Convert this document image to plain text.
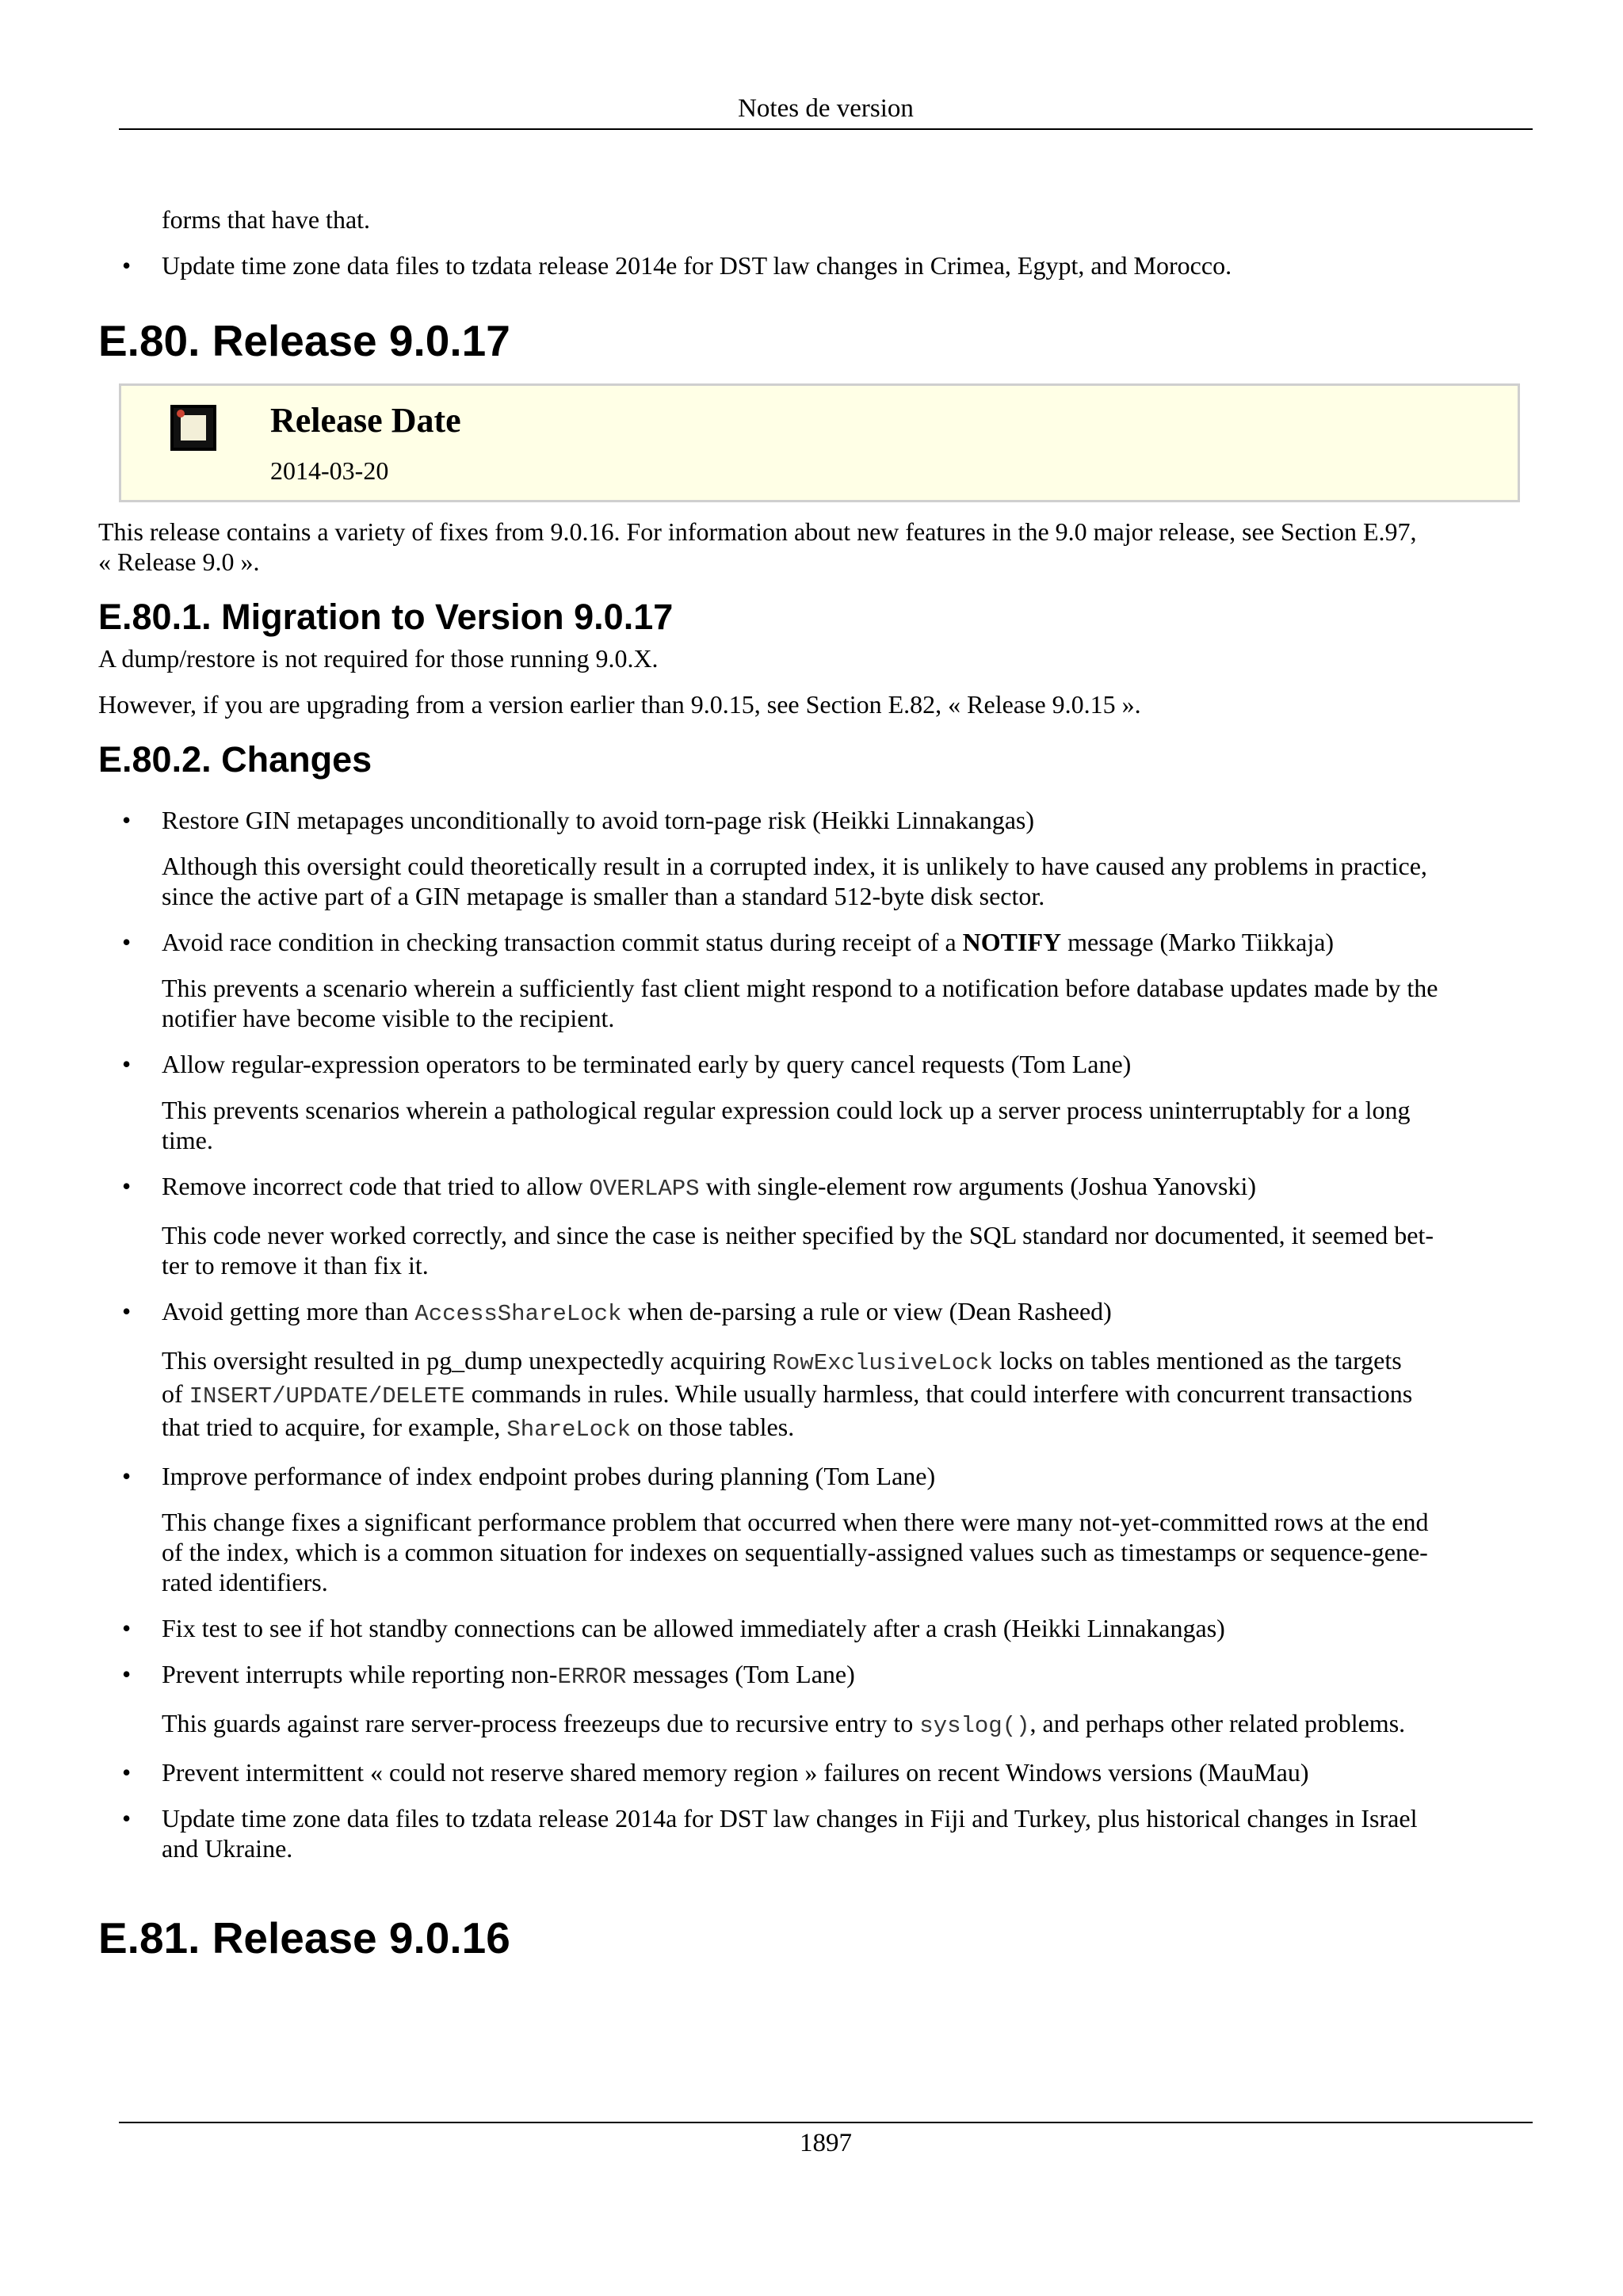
Notes de version

forms that have that.

• Update time zone data files to tzdata release 2014e for DST law changes in Crimea, Egypt, and Morocco.

E.80. Release 9.0.17
Release Date
2014-03-20

This release contains a variety of fixes from 9.0.16. For information about new features in the 9.0 major release, see Section E.97,

« Release 9.0 ».

E.80.1. Migration to Version 9.0.17

A dump/restore is not required for those running 9.0.X.

However, if you are upgrading from a version earlier than 9.0.15, see Section E.82, « Release 9.0.15 ».

E.80.2. Changes
• Restore GIN metapages unconditionally to avoid torn-page risk (Heikki Linnakangas)

Although this oversight could theoretically result in a corrupted index, it is unlikely to have caused any problems in practice,

since the active part of a GIN metapage is smaller than a standard 512-byte disk sector.

• Avoid race condition in checking transaction commit status during receipt of a NOTIFY message (Marko Tiikkaja)

This prevents a scenario wherein a sufficiently fast client might respond to a notification before database updates made by the

notifier have become visible to the recipient.

• Allow regular-expression operators to be terminated early by query cancel requests (Tom Lane)

This prevents scenarios wherein a pathological regular expression could lock up a server process uninterruptably for a long

time.

• Remove incorrect code that tried to allow OVERLAPS with single-element row arguments (Joshua Yanovski)

This code never worked correctly, and since the case is neither specified by the SQL standard nor documented, it seemed bet-

ter to remove it than fix it.

• Avoid getting more than AccessShareLock when de-parsing a rule or view (Dean Rasheed)

This oversight resulted in pg_dump unexpectedly acquiring RowExclusiveLock locks on tables mentioned as the targets

of INSERT/UPDATE/DELETE commands in rules. While usually harmless, that could interfere with concurrent transactions

that tried to acquire, for example, ShareLock on those tables.

• Improve performance of index endpoint probes during planning (Tom Lane)

This change fixes a significant performance problem that occurred when there were many not-yet-committed rows at the end

of the index, which is a common situation for indexes on sequentially-assigned values such as timestamps or sequence-gene-

rated identifiers.

• Fix test to see if hot standby connections can be allowed immediately after a crash (Heikki Linnakangas)

• Prevent interrupts while reporting non-ERROR messages (Tom Lane)

This guards against rare server-process freezeups due to recursive entry to syslog(), and perhaps other related problems.

• Prevent intermittent « could not reserve shared memory region » failures on recent Windows versions (MauMau)

• Update time zone data files to tzdata release 2014a for DST law changes in Fiji and Turkey, plus historical changes in Israel

and Ukraine.

E.81. Release 9.0.16
1897
